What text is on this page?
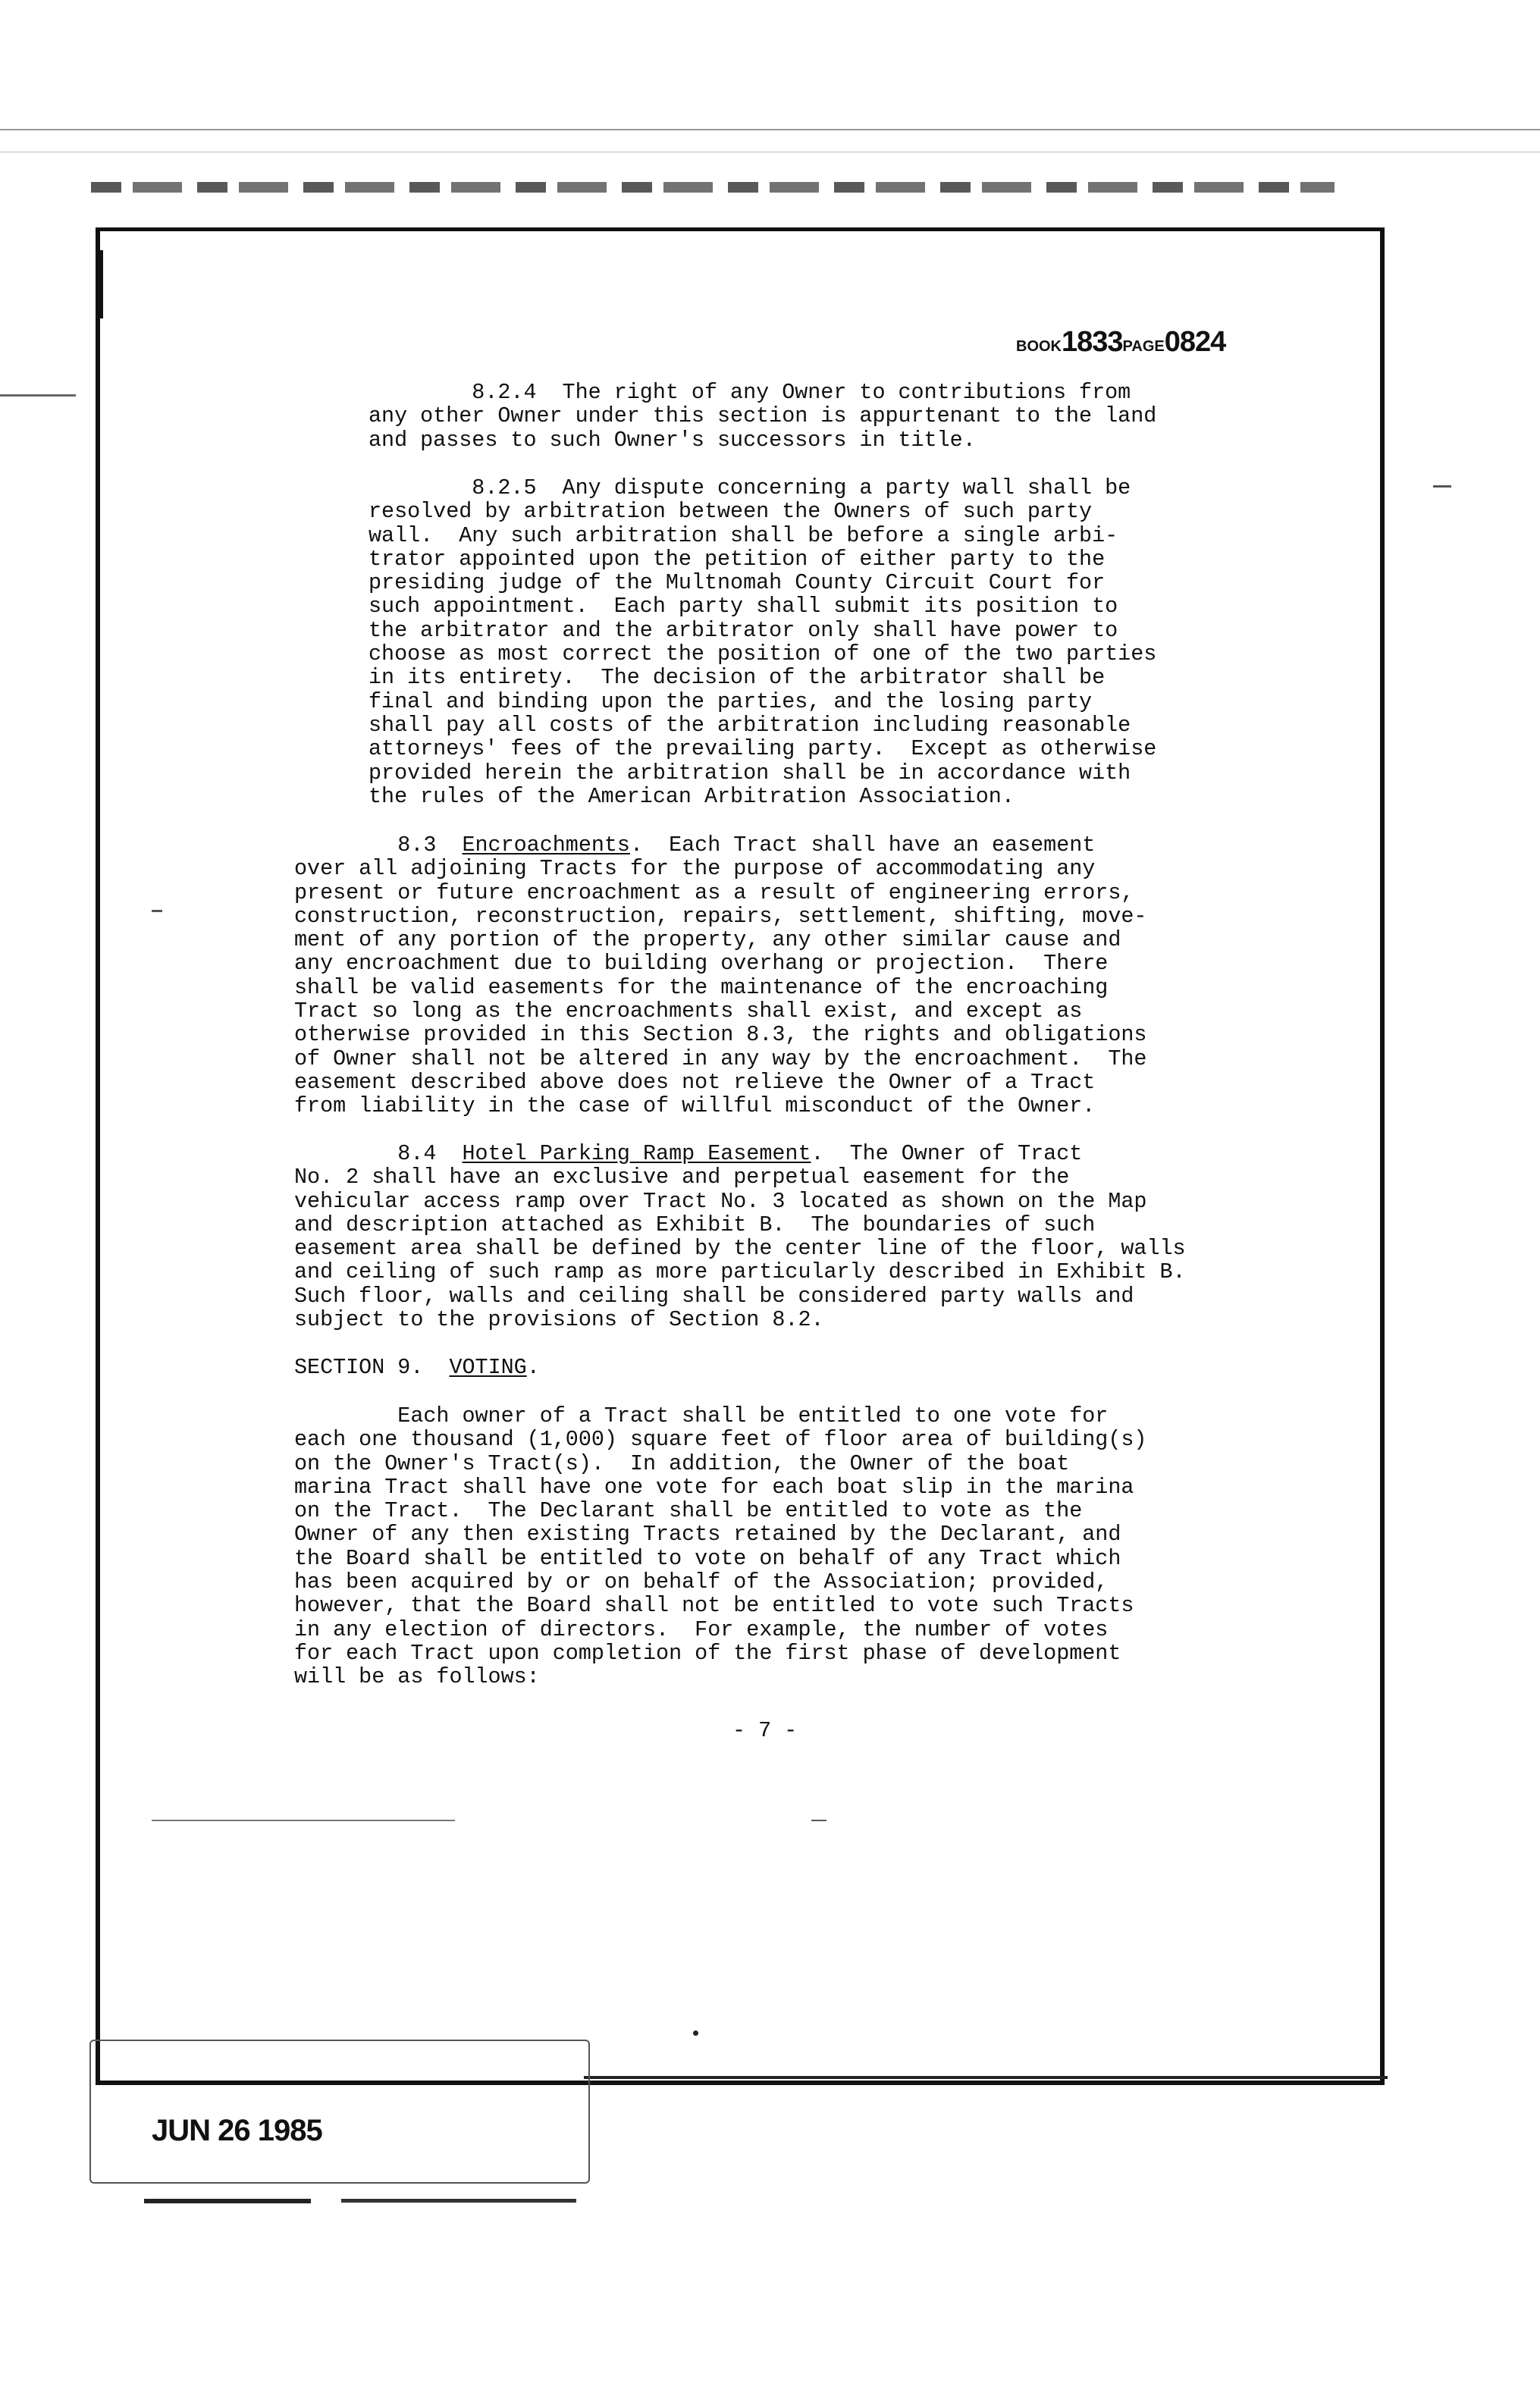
BOOK1833PAGE0824
8.2.4  The right of any Owner to contributions from
any other Owner under this section is appurtenant to the land
and passes to such Owner's successors in title.
8.2.5  Any dispute concerning a party wall shall be
resolved by arbitration between the Owners of such party
wall.  Any such arbitration shall be before a single arbi-
trator appointed upon the petition of either party to the
presiding judge of the Multnomah County Circuit Court for
such appointment.  Each party shall submit its position to
the arbitrator and the arbitrator only shall have power to
choose as most correct the position of one of the two parties
in its entirety.  The decision of the arbitrator shall be
final and binding upon the parties, and the losing party
shall pay all costs of the arbitration including reasonable
attorneys' fees of the prevailing party.  Except as otherwise
provided herein the arbitration shall be in accordance with
the rules of the American Arbitration Association.
8.3  Encroachments.  Each Tract shall have an easement
over all adjoining Tracts for the purpose of accommodating any
present or future encroachment as a result of engineering errors,
construction, reconstruction, repairs, settlement, shifting, move-
ment of any portion of the property, any other similar cause and
any encroachment due to building overhang or projection.  There
shall be valid easements for the maintenance of the encroaching
Tract so long as the encroachments shall exist, and except as
otherwise provided in this Section 8.3, the rights and obligations
of Owner shall not be altered in any way by the encroachment.  The
easement described above does not relieve the Owner of a Tract
from liability in the case of willful misconduct of the Owner.
8.4  Hotel Parking Ramp Easement.  The Owner of Tract
No. 2 shall have an exclusive and perpetual easement for the
vehicular access ramp over Tract No. 3 located as shown on the Map
and description attached as Exhibit B.  The boundaries of such
easement area shall be defined by the center line of the floor, walls
and ceiling of such ramp as more particularly described in Exhibit B.
Such floor, walls and ceiling shall be considered party walls and
subject to the provisions of Section 8.2.
SECTION 9.  VOTING.
Each owner of a Tract shall be entitled to one vote for
each one thousand (1,000) square feet of floor area of building(s)
on the Owner's Tract(s).  In addition, the Owner of the boat
marina Tract shall have one vote for each boat slip in the marina
on the Tract.  The Declarant shall be entitled to vote as the
Owner of any then existing Tracts retained by the Declarant, and
the Board shall be entitled to vote on behalf of any Tract which
has been acquired by or on behalf of the Association; provided,
however, that the Board shall not be entitled to vote such Tracts
in any election of directors.  For example, the number of votes
for each Tract upon completion of the first phase of development
will be as follows:
- 7 -
JUN 26 1985
